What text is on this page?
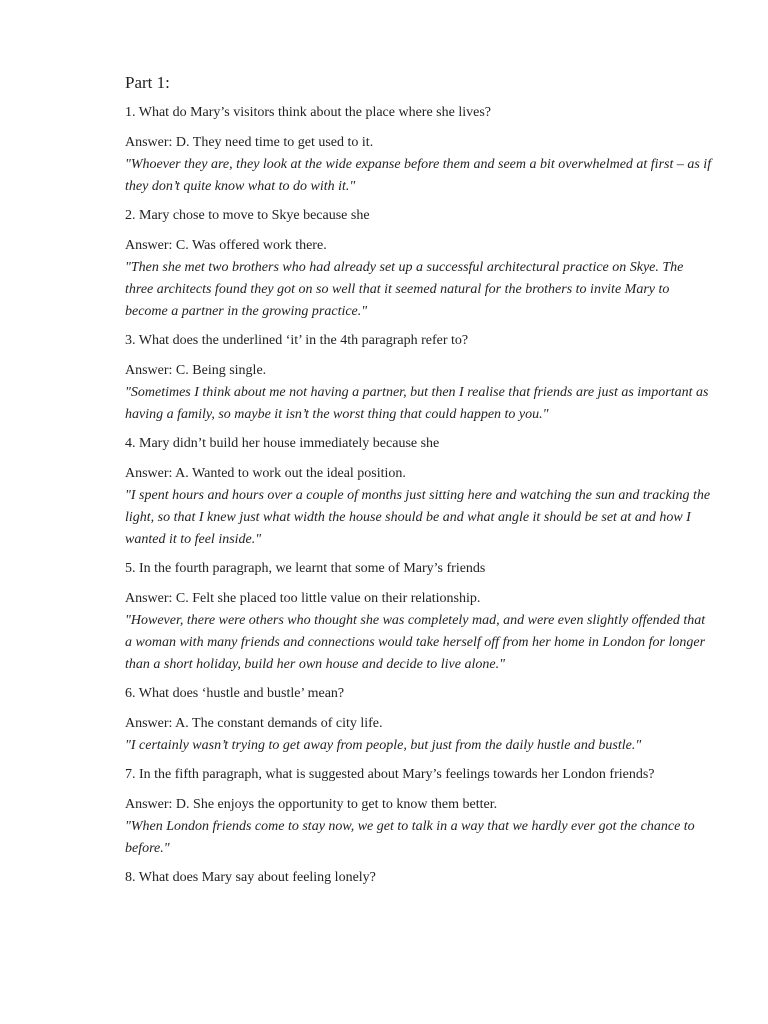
Part 1:

1. What do Mary’s visitors think about the place where she lives?

Answer: D. They need time to get used to it.

"Whoever they are, they look at the wide expanse before them and seem a bit overwhelmed at first – as if they don’t quite know what to do with it."

2. Mary chose to move to Skye because she

Answer: C. Was offered work there.

"Then she met two brothers who had already set up a successful architectural practice on Skye. The three architects found they got on so well that it seemed natural for the brothers to invite Mary to become a partner in the growing practice."

3. What does the underlined ‘it’ in the 4th paragraph refer to?

Answer: C. Being single.

"Sometimes I think about me not having a partner, but then I realise that friends are just as important as having a family, so maybe it isn’t the worst thing that could happen to you."

4. Mary didn’t build her house immediately because she

Answer: A. Wanted to work out the ideal position.

"I spent hours and hours over a couple of months just sitting here and watching the sun and tracking the light, so that I knew just what width the house should be and what angle it should be set at and how I wanted it to feel inside."

5. In the fourth paragraph, we learnt that some of Mary’s friends

Answer: C. Felt she placed too little value on their relationship.

"However, there were others who thought she was completely mad, and were even slightly offended that a woman with many friends and connections would take herself off from her home in London for longer than a short holiday, build her own house and decide to live alone."

6. What does ‘hustle and bustle’ mean?

Answer: A. The constant demands of city life.

"I certainly wasn’t trying to get away from people, but just from the daily hustle and bustle."

7. In the fifth paragraph, what is suggested about Mary’s feelings towards her London friends?

Answer: D. She enjoys the opportunity to get to know them better.

"When London friends come to stay now, we get to talk in a way that we hardly ever got the chance to before."

8. What does Mary say about feeling lonely?
